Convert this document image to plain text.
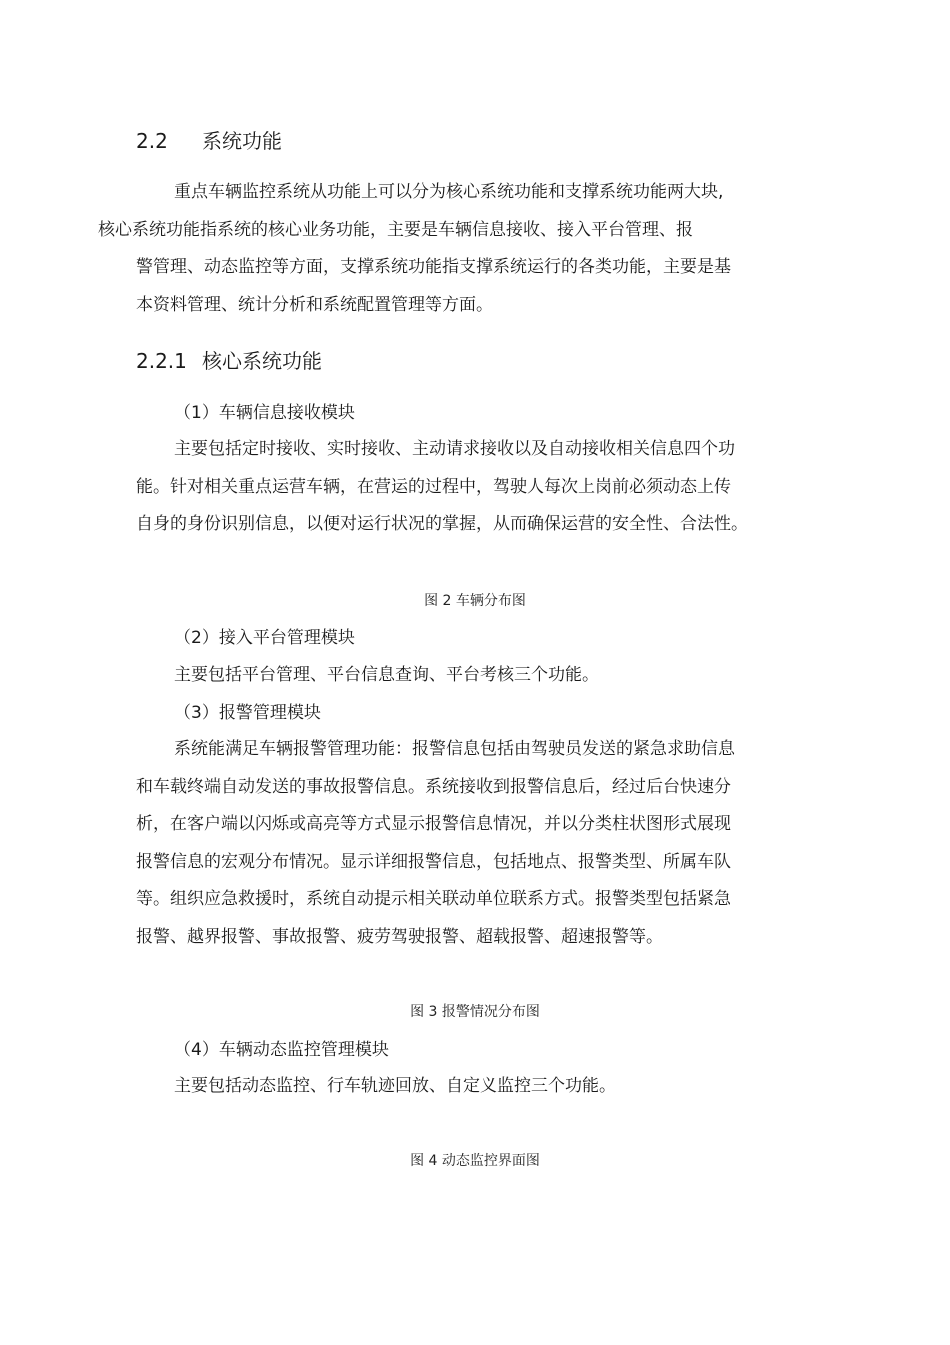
2.2 系统功能

重点车辆监控系统从功能上可以分为核心系统功能和支撑系统功能两大块,
核心系统功能指系统的核心业务功能，主要是车辆信息接收、接入平台管理、报
警管理、动态监控等方面，支撑系统功能指支撑系统运行的各类功能，主要是基
本资料管理、统计分析和系统配置管理等方面。

2.2.1 核心系统功能

（1）车辆信息接收模块

主要包括定时接收、实时接收、主动请求接收以及自动接收相关信息四个功
能。针对相关重点运营车辆，在营运的过程中，驾驶人每次上岗前必须动态上传
自身的身份识别信息，以便对运行状况的掌握，从而确保运营的安全性、合法性。

图 2 车辆分布图

（2）接入平台管理模块

主要包括平台管理、平台信息查询、平台考核三个功能。

（3）报警管理模块

系统能满足车辆报警管理功能：报警信息包括由驾驶员发送的紧急求助信息
和车载终端自动发送的事故报警信息。系统接收到报警信息后，经过后台快速分
析，在客户端以闪烁或高亮等方式显示报警信息情况，并以分类柱状图形式展现
报警信息的宏观分布情况。显示详细报警信息，包括地点、报警类型、所属车队
等。组织应急救援时，系统自动提示相关联动单位联系方式。报警类型包括紧急
报警、越界报警、事故报警、疲劳驾驶报警、超载报警、超速报警等。

图 3 报警情况分布图

（4）车辆动态监控管理模块

主要包括动态监控、行车轨迹回放、自定义监控三个功能。

图 4 动态监控界面图
